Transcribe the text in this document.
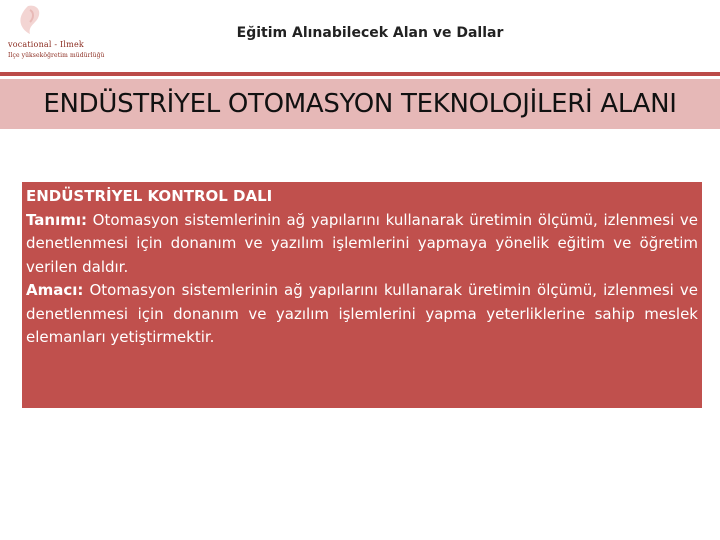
vocational - Ilmek
Ilçe yükseköğretim müdürlüğü
Eğitim Alınabilecek Alan ve Dallar
ENDÜSTRİYEL OTOMASYON TEKNOLOJİLERİ ALANI

ENDÜSTRİYEL KONTROL DALI

Tanımı: Otomasyon sistemlerinin ağ yapılarını kullanarak üretimin ölçümü, izlenmesi ve denetlenmesi için donanım ve yazılım işlemlerini yapmaya yönelik eğitim ve öğretim verilen daldır.

Amacı: Otomasyon sistemlerinin ağ yapılarını kullanarak üretimin ölçümü, izlenmesi ve denetlenmesi için donanım ve yazılım işlemlerini yapma yeterliklerine sahip meslek elemanları yetiştirmektir.
